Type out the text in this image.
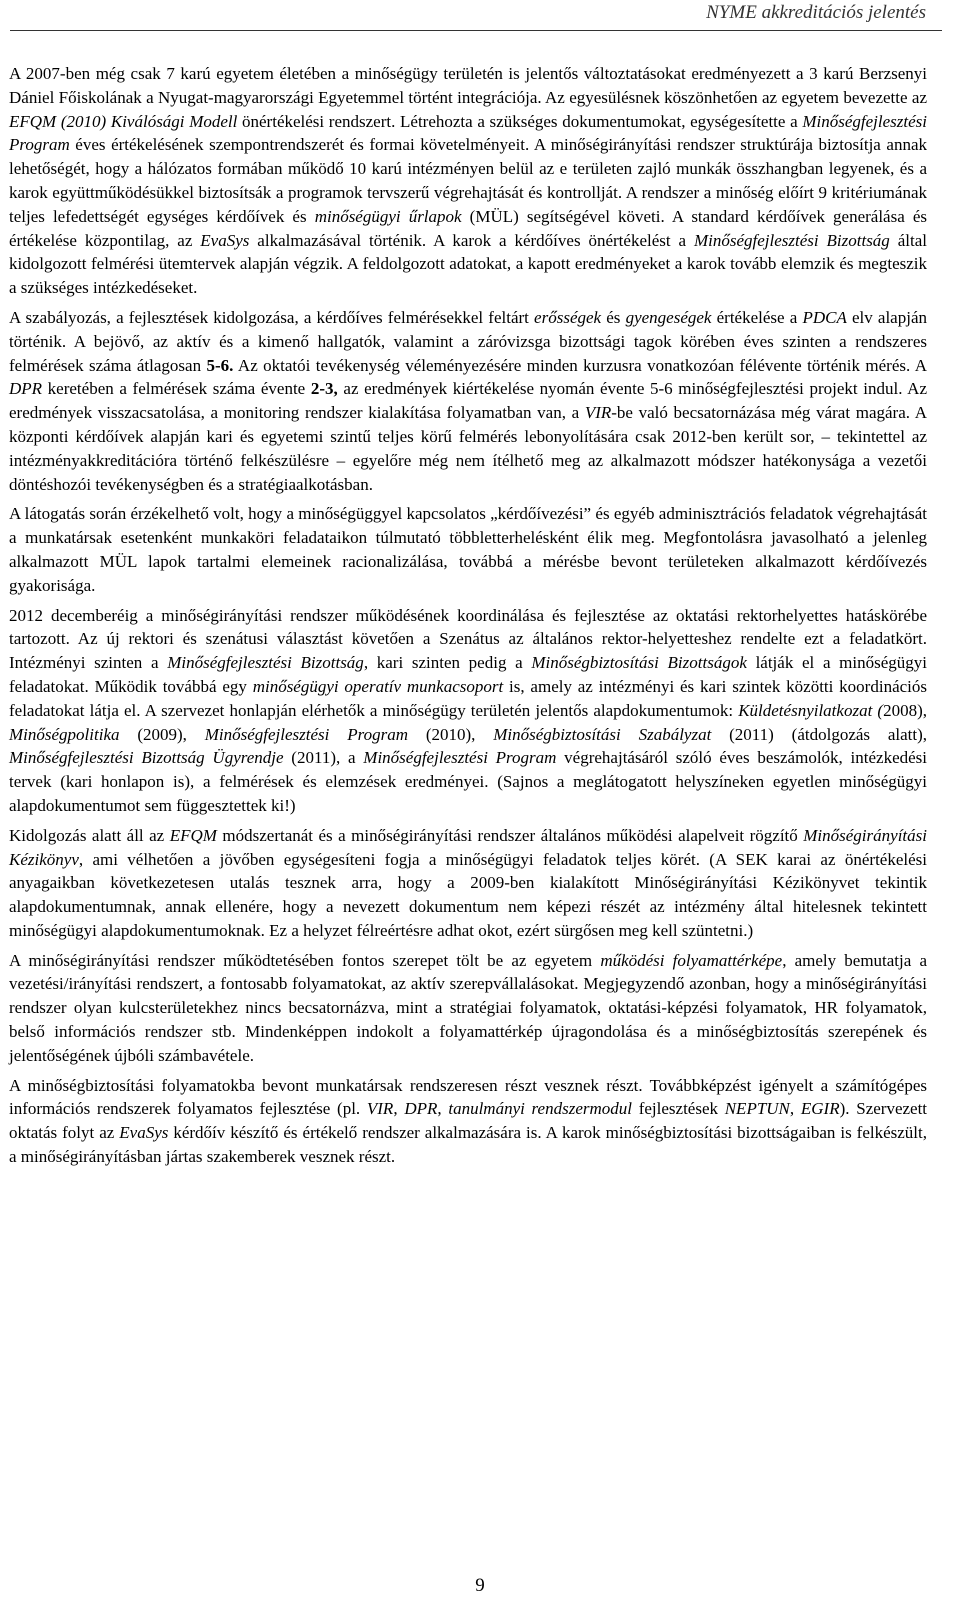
NYME akkreditációs jelentés

A 2007-ben még csak 7 karú egyetem életében a minőségügy területén is jelentős változtatásokat eredményezett a 3 karú Berzsenyi Dániel Főiskolának a Nyugat-magyarországi Egyetemmel történt integrációja. Az egyesülésnek köszönhetően az egyetem bevezette az EFQM (2010) Kiválósági Modell önértékelési rendszert. Létrehozta a szükséges dokumentumokat, egységesítette a Minőségfejlesztési Program éves értékelésének szempontrendszerét és formai követelményeit. A minőségirányítási rendszer struktúrája biztosítja annak lehetőségét, hogy a hálózatos formában működő 10 karú intézményen belül az e területen zajló munkák összhangban legyenek, és a karok együttműködésükkel biztosítsák a programok tervszerű végrehajtását és kontrollját. A rendszer a minőség előírt 9 kritériumának teljes lefedettségét egységes kérdőívek és minőségügyi űrlapok (MÜL) segítségével követi. A standard kérdőívek generálása és értékelése központilag, az EvaSys alkalmazásával történik. A karok a kérdőíves önértékelést a Minőségfejlesztési Bizottság által kidolgozott felmérési ütemtervek alapján végzik. A feldolgozott adatokat, a kapott eredményeket a karok tovább elemzik és megteszik a szükséges intézkedéseket.

A szabályozás, a fejlesztések kidolgozása, a kérdőíves felmérésekkel feltárt erősségek és gyengeségek értékelése a PDCA elv alapján történik. A bejövő, az aktív és a kimenő hallgatók, valamint a záróvizsga bizottsági tagok körében éves szinten a rendszeres felmérések száma átlagosan 5-6. Az oktatói tevékenység véleményezésére minden kurzusra vonatkozóan félévente történik mérés. A DPR keretében a felmérések száma évente 2-3, az eredmények kiértékelése nyomán évente 5-6 minőségfejlesztési projekt indul. Az eredmények visszacsatolása, a monitoring rendszer kialakítása folyamatban van, a VIR-be való becsatornázása még várat magára. A központi kérdőívek alapján kari és egyetemi szintű teljes körű felmérés lebonyolítására csak 2012-ben került sor, – tekintettel az intézményakkreditációra történő felkészülésre – egyelőre még nem ítélhető meg az alkalmazott módszer hatékonysága a vezetői döntéshozói tevékenységben és a stratégiaalkotásban.

A látogatás során érzékelhető volt, hogy a minőségüggyel kapcsolatos „kérdőívezési” és egyéb adminisztrációs feladatok végrehajtását a munkatársak esetenként munkaköri feladataikon túlmutató többletterhelésként élik meg. Megfontolásra javasolható a jelenleg alkalmazott MÜL lapok tartalmi elemeinek racionalizálása, továbbá a mérésbe bevont területeken alkalmazott kérdőívezés gyakorisága.

2012 decemberéig a minőségirányítási rendszer működésének koordinálása és fejlesztése az oktatási rektorhelyettes hatáskörébe tartozott. Az új rektori és szenátusi választást követően a Szenátus az általános rektor-helyetteshez rendelte ezt a feladatkört. Intézményi szinten a Minőségfejlesztési Bizottság, kari szinten pedig a Minőségbiztosítási Bizottságok látják el a minőségügyi feladatokat. Működik továbbá egy minőségügyi operatív munkacsoport is, amely az intézményi és kari szintek közötti koordinációs feladatokat látja el. A szervezet honlapján elérhetők a minőségügy területén jelentős alapdokumentumok: Küldetésnyilatkozat (2008), Minőségpolitika (2009), Minőségfejlesztési Program (2010), Minőségbiztosítási Szabályzat (2011) (átdolgozás alatt), Minőségfejlesztési Bizottság Ügyrendje (2011), a Minőségfejlesztési Program végrehajtásáról szóló éves beszámolók, intézkedési tervek (kari honlapon is), a felmérések és elemzések eredményei. (Sajnos a meglátogatott helyszíneken egyetlen minőségügyi alapdokumentumot sem függesztettek ki!)

Kidolgozás alatt áll az EFQM módszertanát és a minőségirányítási rendszer általános működési alapelveit rögzítő Minőségirányítási Kézikönyv, ami vélhetően a jövőben egységesíteni fogja a minőségügyi feladatok teljes körét. (A SEK karai az önértékelési anyagaikban következetesen utalás tesznek arra, hogy a 2009-ben kialakított Minőségirányítási Kézikönyvet tekintik alapdokumentumnak, annak ellenére, hogy a nevezett dokumentum nem képezi részét az intézmény által hitelesnek tekintett minőségügyi alapdokumentumoknak. Ez a helyzet félreértésre adhat okot, ezért sürgősen meg kell szüntetni.)

A minőségirányítási rendszer működtetésében fontos szerepet tölt be az egyetem működési folyamattérképe, amely bemutatja a vezetési/irányítási rendszert, a fontosabb folyamatokat, az aktív szerepvállalásokat. Megjegyzendő azonban, hogy a minőségirányítási rendszer olyan kulcsterületekhez nincs becsatornázva, mint a stratégiai folyamatok, oktatási-képzési folyamatok, HR folyamatok, belső információs rendszer stb. Mindenképpen indokolt a folyamattérkép újragondolása és a minőségbiztosítás szerepének és jelentőségének újbóli számbavétele.

A minőségbiztosítási folyamatokba bevont munkatársak rendszeresen részt vesznek részt. Továbbképzést igényelt a számítógépes információs rendszerek folyamatos fejlesztése (pl. VIR, DPR, tanulmányi rendszermodul fejlesztések NEPTUN, EGIR). Szervezett oktatás folyt az EvaSys kérdőív készítő és értékelő rendszer alkalmazására is. A karok minőségbiztosítási bizottságaiban is felkészült, a minőségirányításban jártas szakemberek vesznek részt.

9
